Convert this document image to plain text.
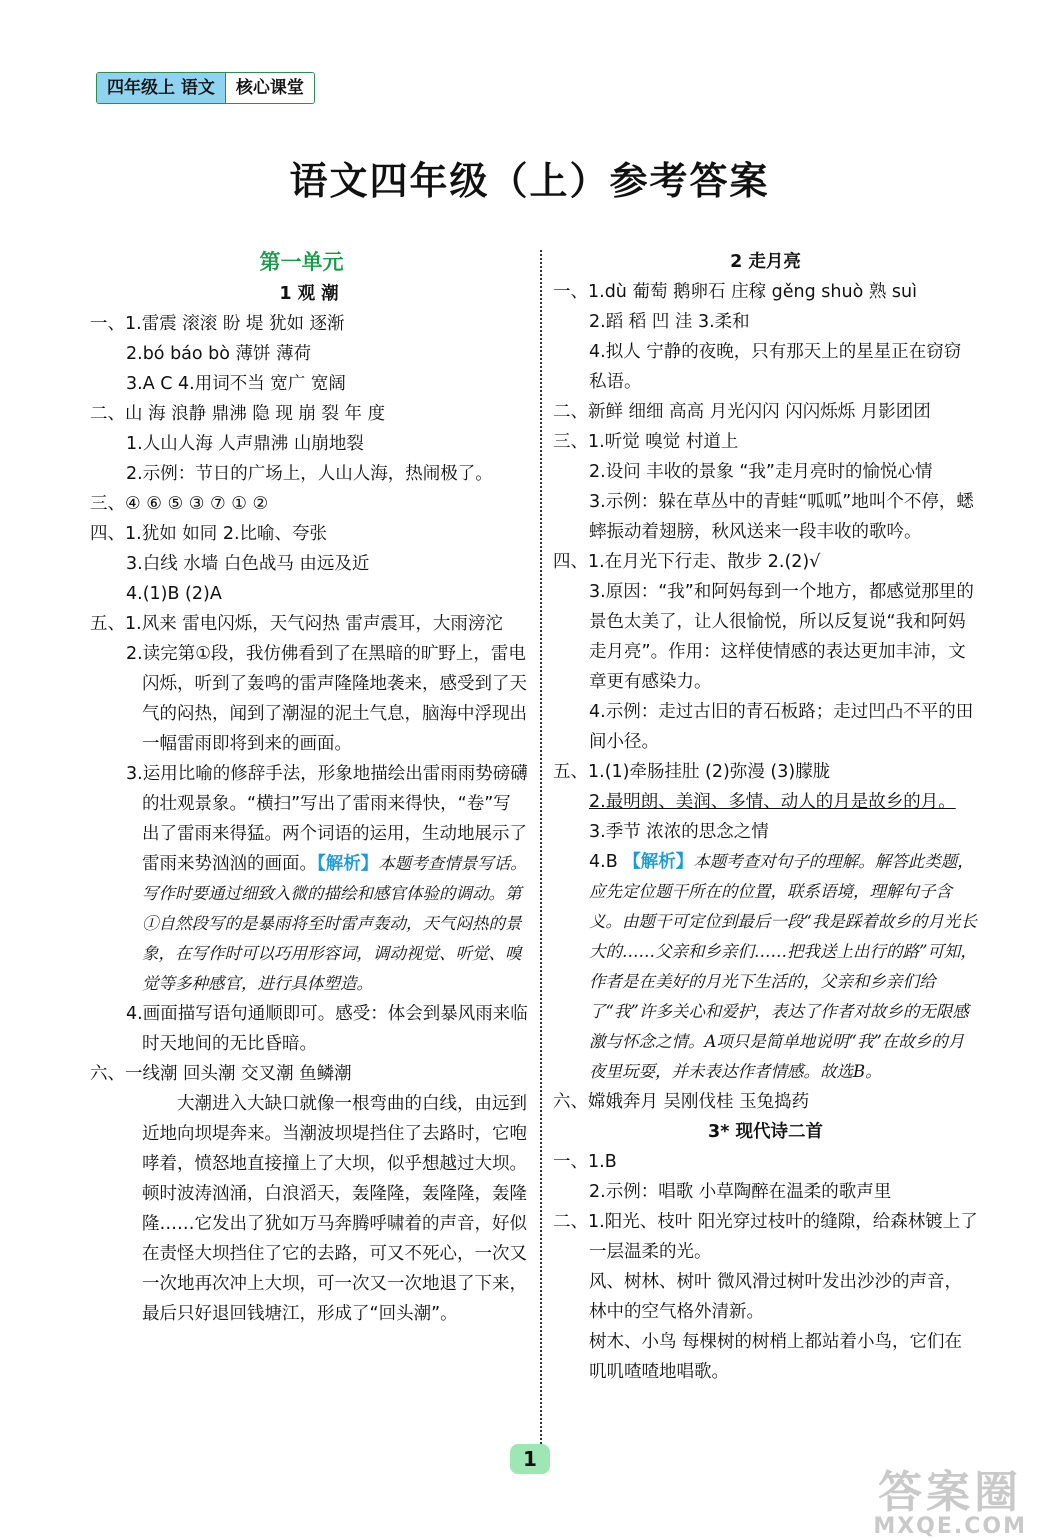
四年级上 语文	核心课堂
语文四年级（上）参考答案
第一单元
1 观 潮
一、1.雷震 滚滚 盼 堤 犹如 逐渐
2.bó báo bò 薄饼 薄荷
3.A C 4.用词不当 宽广 宽阔
二、山 海 浪静 鼎沸 隐 现 崩 裂 年 度
1.人山人海 人声鼎沸 山崩地裂
2.示例：节日的广场上，人山人海，热闹极了。
三、④ ⑥ ⑤ ③ ⑦ ① ②
四、1.犹如 如同 2.比喻、夸张
3.白线 水墙 白色战马 由远及近
4.(1)B (2)A
五、1.风来 雷电闪烁，天气闷热 雷声震耳，大雨滂沱
2.读完第①段，我仿佛看到了在黑暗的旷野上，雷电闪烁，听到了轰鸣的雷声隆隆地袭来，感受到了天气的闷热，闻到了潮湿的泥土气息，脑海中浮现出一幅雷雨即将到来的画面。
3.运用比喻的修辞手法，形象地描绘出雷雨雨势磅礴的壮观景象。“横扫”写出了雷雨来得快，“卷”写出了雷雨来得猛。两个词语的运用，生动地展示了雷雨来势汹汹的画面。【解析】本题考查情景写话。写作时要通过细致入微的描绘和感官体验的调动。第①自然段写的是暴雨将至时雷声轰动，天气闷热的景象，在写作时可以巧用形容词，调动视觉、听觉、嗅觉等多种感官，进行具体塑造。
4.画面描写语句通顺即可。感受：体会到暴风雨来临时天地间的无比昏暗。
六、一线潮 回头潮 交叉潮 鱼鳞潮
大潮进入大缺口就像一根弯曲的白线，由远到近地向坝堤奔来。当潮波坝堤挡住了去路时，它咆哮着，愤怒地直接撞上了大坝，似乎想越过大坝。顿时波涛汹涌，白浪滔天，轰隆隆，轰隆隆，轰隆隆……它发出了犹如万马奔腾呼啸着的声音，好似在责怪大坝挡住了它的去路，可又不死心，一次又一次地再次冲上大坝，可一次又一次地退了下来，最后只好退回钱塘江，形成了“回头潮”。
2 走月亮
一、1.dù 葡萄 鹅卵石 庄稼 gěng shuò 熟 suì
2.蹈 稻 凹 洼 3.柔和
4.拟人 宁静的夜晚，只有那天上的星星正在窃窃私语。
二、新鲜 细细 高高 月光闪闪 闪闪烁烁 月影团团
三、1.听觉 嗅觉 村道上
2.设问 丰收的景象 “我”走月亮时的愉悦心情
3.示例：躲在草丛中的青蛙“呱呱”地叫个不停，蟋蟀振动着翅膀，秋风送来一段丰收的歌吟。
四、1.在月光下行走、散步 2.(2)√
3.原因：“我”和阿妈每到一个地方，都感觉那里的景色太美了，让人很愉悦，所以反复说“我和阿妈走月亮”。作用：这样使情感的表达更加丰沛，文章更有感染力。
4.示例：走过古旧的青石板路；走过凹凸不平的田间小径。
五、1.(1)牵肠挂肚 (2)弥漫 (3)朦胧
2.最明朗、美润、多情、动人的月是故乡的月。
3.季节 浓浓的思念之情
4.B 【解析】本题考查对句子的理解。解答此类题，应先定位题干所在的位置，联系语境，理解句子含义。由题干可定位到最后一段“我是踩着故乡的月光长大的……父亲和乡亲们……把我送上出行的路”可知，作者是在美好的月光下生活的，父亲和乡亲们给了“我”许多关心和爱护，表达了作者对故乡的无限感激与怀念之情。A项只是简单地说明“我”在故乡的月夜里玩耍，并未表达作者情感。故选B。
六、嫦娥奔月 吴刚伐桂 玉兔捣药
3* 现代诗二首
一、1.B
2.示例：唱歌 小草陶醉在温柔的歌声里
二、1.阳光、枝叶 阳光穿过枝叶的缝隙，给森林镀上了一层温柔的光。
风、树林、树叶 微风滑过树叶发出沙沙的声音，林中的空气格外清新。
树木、小鸟 每棵树的树梢上都站着小鸟，它们在叽叽喳喳地唱歌。
1
答案圈
MXQE.COM
